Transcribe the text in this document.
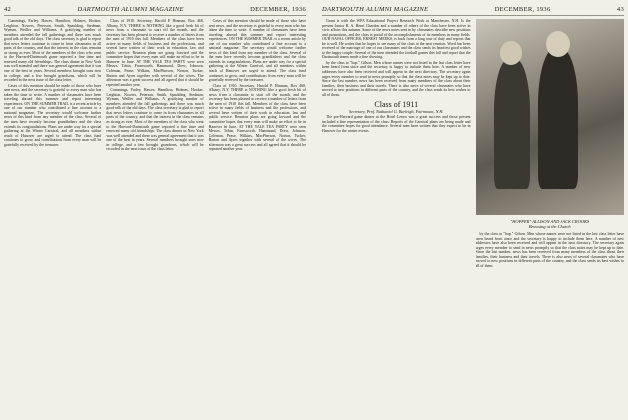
42	DARTMOUTH ALUMNI MAGAZINE	DECEMBER, 1936

Cummings, Farley, Hawes, Hamilton, Holmes, Hooker, Leighton, Nowers, Peterson, Smith, Spaulding, Stedman, Wyman, Weiller and Williams. A gratifying number of members attended the fall gatherings and there was much good talk of the old days. The class secretary is glad to report that news letters continue to come in from classmates in all parts of the country, and that the interest in the class remains as strong as ever. Most of the members of the class who went to the Harvard-Dartmouth game reported a fine time and renewed many old friendships. The class dinner in New York was well attended and there was general agreement that it was one of the best in years. Several members brought sons now in college, and a few brought grandsons, which will be recorded in the next issue of the class letter.

Cases of this mention should be made of those who have sent news, and the secretary is grateful to every man who has taken the time to write. A number of classmates have been traveling abroad this summer and report interesting experiences. ON THE SUMMER TRAIL is a recent article by one of our number who contributed a fine account to a national magazine. The secretary would welcome further news of this kind from any member of the class. Several of the men have recently become grandfathers and the class extends its congratulations. Plans are under way for a special gathering at the Winter Carnival, and all members within reach of Hanover are urged to attend. The class fund continues to grow, and contributions from every man will be gratefully received by the treasurer.

Class of 1910. Secretary, Harold P. Hinman, Box 468, Albany, N.Y. THERE is NOTHING like a good fresh bit of news from a classmate to start off the month, and the secretary has been pleased to receive a number of letters from the men of 1910 this fall. Members of the class have been active in many fields of business and the professions, and several have written of their work in education, law and public service. Reunion plans are going forward and the committee hopes that every man will make an effort to be in Hanover in June. AT THE YALE TEA PARTY were seen Messrs. Tobin, Farnsworth, Hammond, Drew, Johnson, Coleman, Pease, Wilkins, MacPherson, Norton, Tucker, Barton and Ayres together with several of the wives. The afternoon was a great success and all agreed that it should be repeated another year.

Cummings, Farley, Hawes, Hamilton, Holmes, Hooker, Leighton, Nowers, Peterson, Smith, Spaulding, Stedman, Wyman, Weiller and Williams. A gratifying number of members attended the fall gatherings and there was much good talk of the old days. The class secretary is glad to report that news letters continue to come in from classmates in all parts of the country, and that the interest in the class remains as strong as ever. Most of the members of the class who went to the Harvard-Dartmouth game reported a fine time and renewed many old friendships. The class dinner in New York was well attended and there was general agreement that it was one of the best in years. Several members brought sons now in college, and a few brought grandsons, which will be recorded in the next issue of the class letter.

Cases of this mention should be made of those who have sent news, and the secretary is grateful to every man who has taken the time to write. A number of classmates have been traveling abroad this summer and report interesting experiences. ON THE SUMMER TRAIL is a recent article by one of our number who contributed a fine account to a national magazine. The secretary would welcome further news of this kind from any member of the class. Several of the men have recently become grandfathers and the class extends its congratulations. Plans are under way for a special gathering at the Winter Carnival, and all members within reach of Hanover are urged to attend. The class fund continues to grow, and contributions from every man will be gratefully received by the treasurer.

Class of 1910. Secretary, Harold P. Hinman, Box 468, Albany, N.Y. THERE is NOTHING like a good fresh bit of news from a classmate to start off the month, and the secretary has been pleased to receive a number of letters from the men of 1910 this fall. Members of the class have been active in many fields of business and the professions, and several have written of their work in education, law and public service. Reunion plans are going forward and the committee hopes that every man will make an effort to be in Hanover in June. AT THE YALE TEA PARTY were seen Messrs. Tobin, Farnsworth, Hammond, Drew, Johnson, Coleman, Pease, Wilkins, MacPherson, Norton, Tucker, Barton and Ayres together with several of the wives. The afternoon was a great success and all agreed that it should be repeated another year.

DARTMOUTH ALUMNI MAGAZINE	DECEMBER, 1936	43

Grant is with the WPA Educational Project Research Work at Manchester, N.H. Is the present Junior R. A. Henri Chardon and a number of others of the class have been active in civic affairs this autumn. Some of the news notes sent in by classmates describe new positions and promotions, and the class is proud of the accomplishments of its members in many fields. OUR NAVAL OFFICER, ERNEST MEEKS, is back from a long tour of duty and reports that he is well. He writes that he hopes to see many of the class at the next reunion. Word has been received of the marriage of one of our classmates and the class sends its heartiest good wishes to the happy couple. Several of the men attended the football games this fall and report that the Dartmouth teams made a fine showing.

by the class to "hop." Gilson. Men whose names were not listed in the last class letter have been heard from since and the secretary is happy to include them here. A number of new addresses have also been received and will appear in the next directory. The secretary again urges every member to send in news promptly so that the class notes may be kept up to date. Since the last number, news has been received from many members of the class about their families, their business and their travels. There is also news of several classmates who have moved to new positions in different parts of the country, and the class sends its best wishes to all of them.

Class of 1911
Secretary, Prof. Nathaniel G. Burleigh, Fairmount, N.H.

The pre-Harvard game dinner at the Hotel Lenox was a great success and those present included a fine representation of the class. Reports of the Carnival plans are being made and the committee hopes for good attendance. Several men have written that they expect to be in Hanover for the winter events.

"HOPPER" ALLISON AND JACK CROOKS
Browsing at the Church

by the class to "hop." Gilson. Men whose names were not listed in the last class letter have been heard from since and the secretary is happy to include them here. A number of new addresses have also been received and will appear in the next directory. The secretary again urges every member to send in news promptly so that the class notes may be kept up to date. Since the last number, news has been received from many members of the class about their families, their business and their travels. There is also news of several classmates who have moved to new positions in different parts of the country, and the class sends its best wishes to all of them.
